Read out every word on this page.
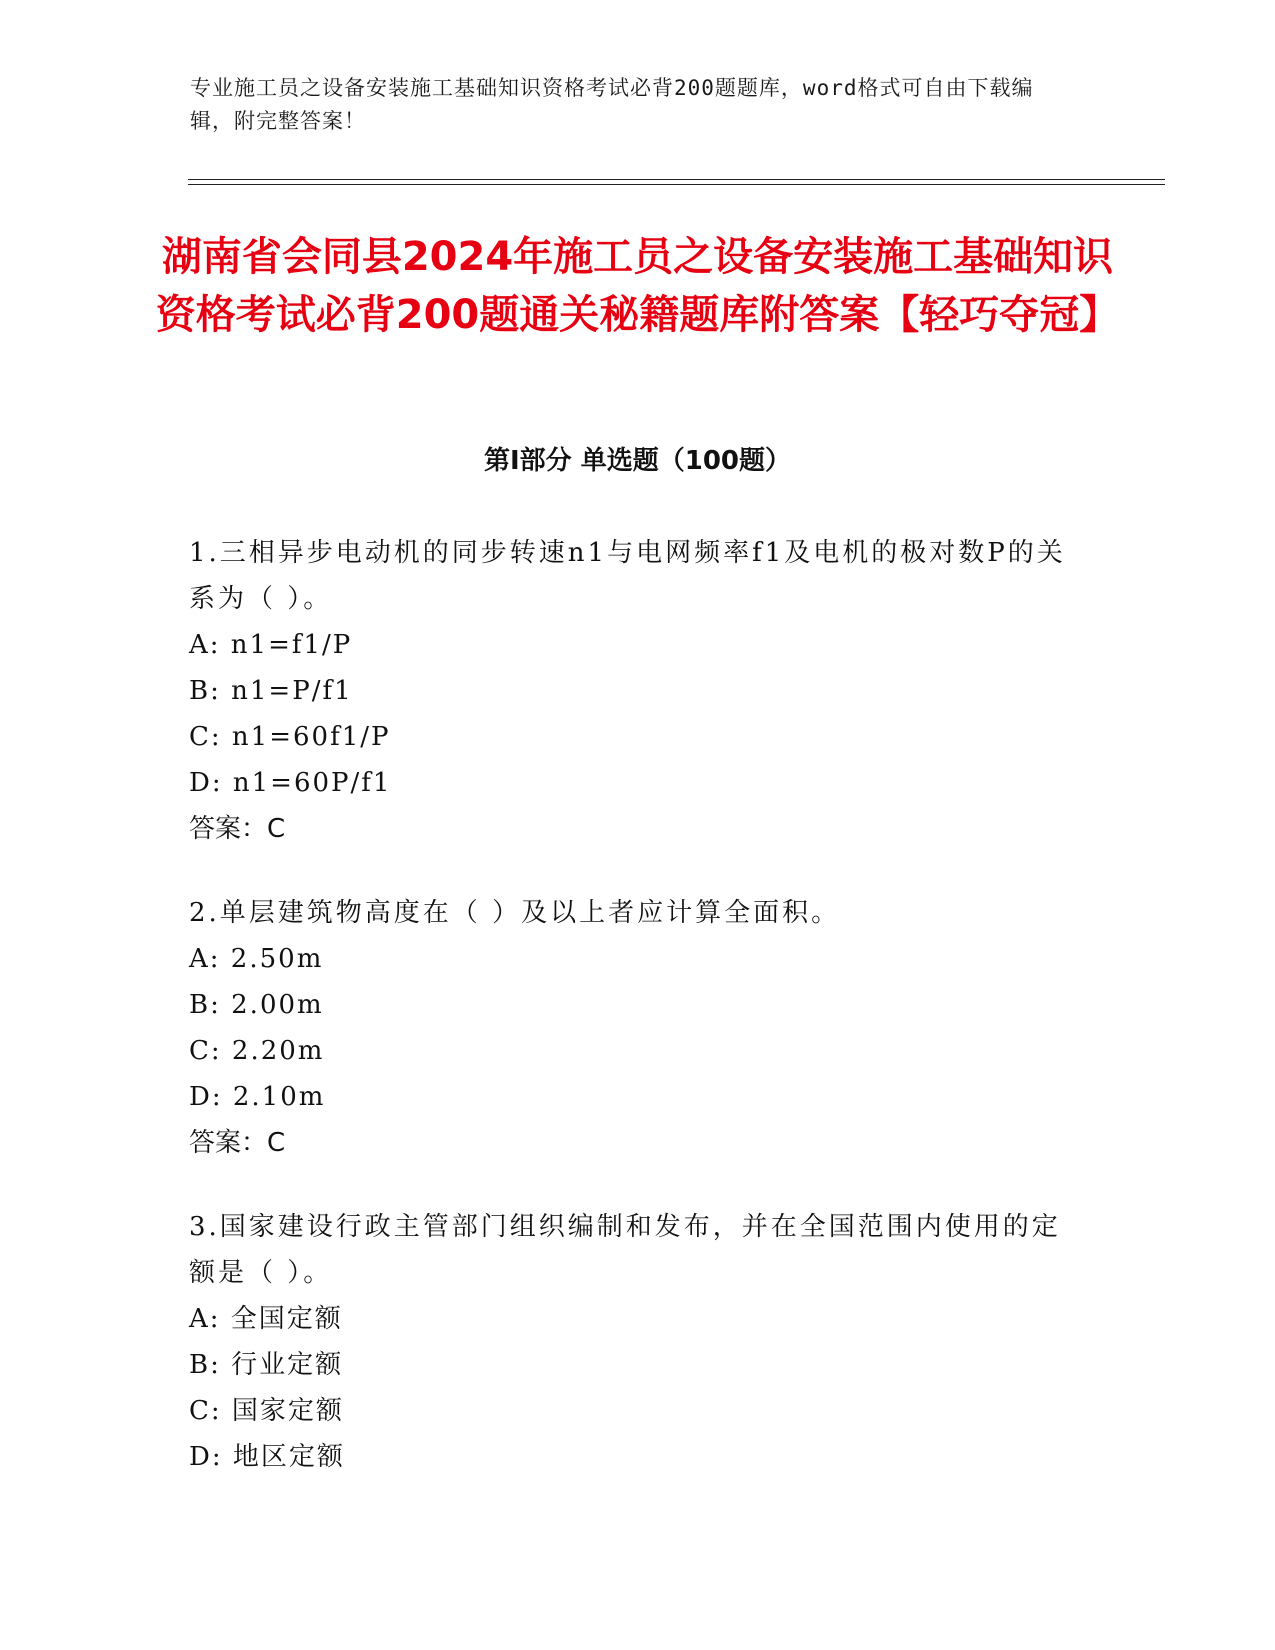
专业施工员之设备安装施工基础知识资格考试必背200题题库，word格式可自由下载编辑，附完整答案！
湖南省会同县2024年施工员之设备安装施工基础知识资格考试必背200题通关秘籍题库附答案【轻巧夺冠】
第I部分 单选题（100题）
1.三相异步电动机的同步转速n1与电网频率f1及电机的极对数P的关系为（ ）。
A: n1=f1/P
B: n1=P/f1
C: n1=60f1/P
D: n1=60P/f1
答案：C
2.单层建筑物高度在（ ）及以上者应计算全面积。
A: 2.50m
B: 2.00m
C: 2.20m
D: 2.10m
答案：C
3.国家建设行政主管部门组织编制和发布，并在全国范围内使用的定额是（ ）。
A: 全国定额
B: 行业定额
C: 国家定额
D: 地区定额
